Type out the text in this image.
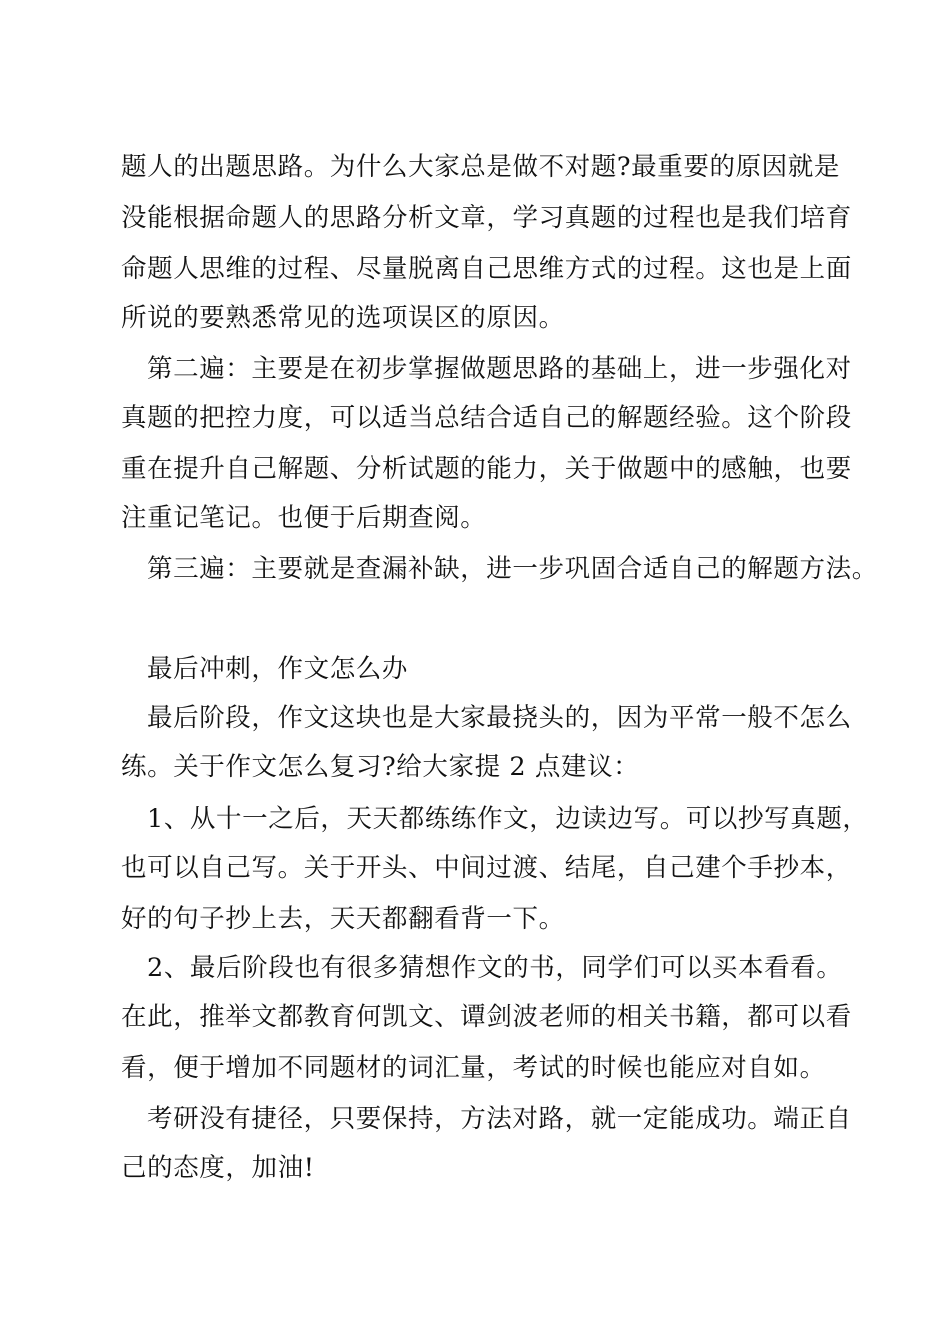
题人的出题思路。为什么大家总是做不对题?最重要的原因就是

没能根据命题人的思路分析文章，学习真题的过程也是我们培育

命题人思维的过程、尽量脱离自己思维方式的过程。这也是上面

所说的要熟悉常见的选项误区的原因。

第二遍：主要是在初步掌握做题思路的基础上，进一步强化对

真题的把控力度，可以适当总结合适自己的解题经验。这个阶段

重在提升自己解题、分析试题的能力，关于做题中的感触，也要

注重记笔记。也便于后期查阅。

第三遍：主要就是查漏补缺，进一步巩固合适自己的解题方法。

最后冲刺，作文怎么办

最后阶段，作文这块也是大家最挠头的，因为平常一般不怎么

练。关于作文怎么复习?给大家提 2 点建议：

1、从十一之后，天天都练练作文，边读边写。可以抄写真题，

也可以自己写。关于开头、中间过渡、结尾，自己建个手抄本，

好的句子抄上去，天天都翻看背一下。

2、最后阶段也有很多猜想作文的书，同学们可以买本看看。

在此，推举文都教育何凯文、谭剑波老师的相关书籍，都可以看

看，便于增加不同题材的词汇量，考试的时候也能应对自如。

考研没有捷径，只要保持，方法对路，就一定能成功。端正自

己的态度，加油!
